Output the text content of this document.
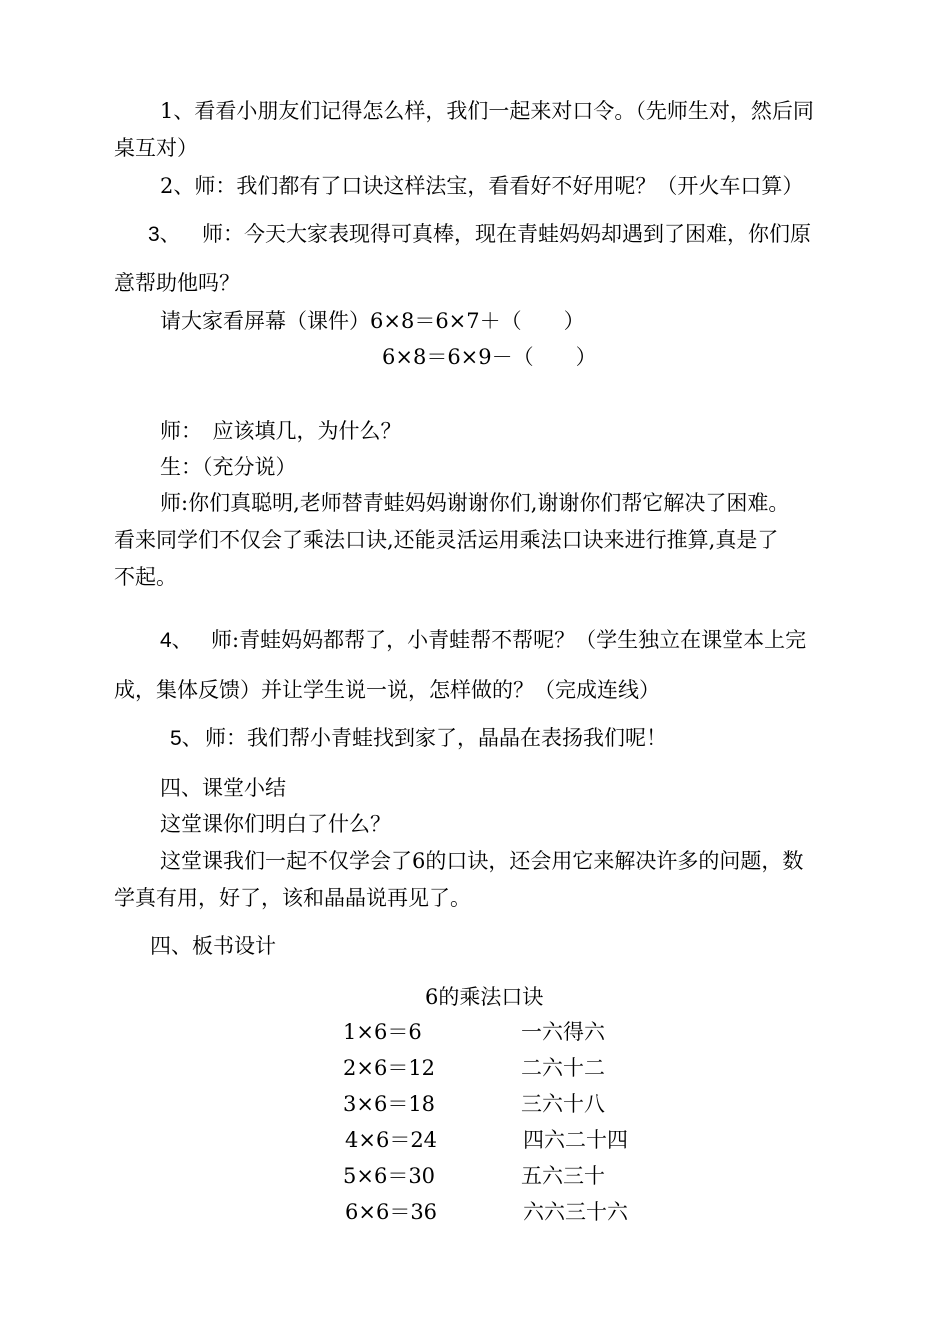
1、看看小朋友们记得怎么样，我们一起来对口令。（先师生对，然后同
桌互对）
2、师：我们都有了口诀这样法宝，看看好不好用呢？（开火车口算）
3、 师：今天大家表现得可真棒，现在青蛙妈妈却遇到了困难，你们原
意帮助他吗？
请大家看屏幕（课件）6×8＝6×7＋（　　）
6×8＝6×9－（　　）
师：　应该填几，为什么？
生：（充分说）
师:你们真聪明,老师替青蛙妈妈谢谢你们,谢谢你们帮它解决了困难。
看来同学们不仅会了乘法口诀,还能灵活运用乘法口诀来进行推算,真是了
不起。
4、 师:青蛙妈妈都帮了，小青蛙帮不帮呢？（学生独立在课堂本上完
成，集体反馈）并让学生说一说，怎样做的？（完成连线）
5、 师：我们帮小青蛙找到家了，晶晶在表扬我们呢！
四、课堂小结
这堂课你们明白了什么？
这堂课我们一起不仅学会了6的口诀，还会用它来解决许多的问题，数
学真有用，好了，该和晶晶说再见了。
四、板书设计
6的乘法口诀
1×6＝6	一六得六
2×6＝12	二六十二
3×6＝18	三六十八
4×6＝24	四六二十四
5×6＝30	五六三十
6×6＝36	六六三十六
